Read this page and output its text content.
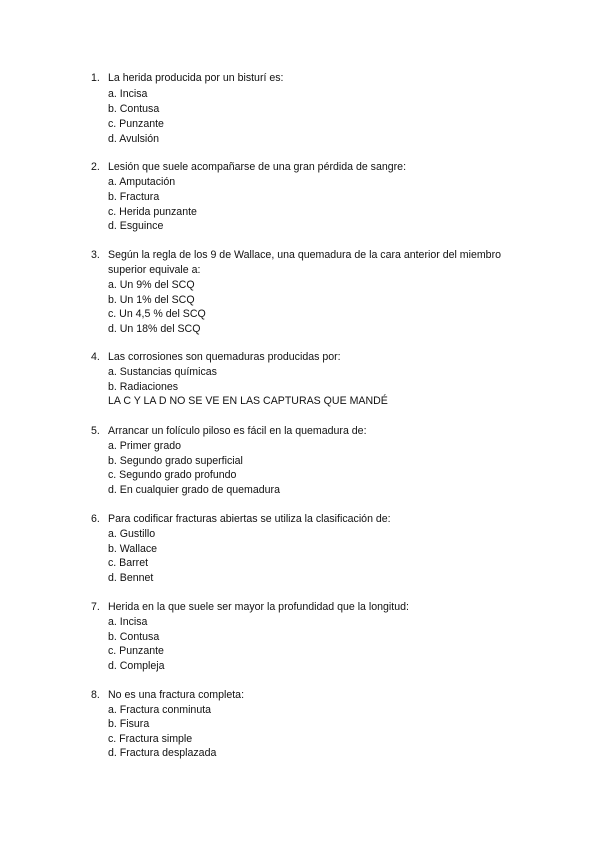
1. La herida producida por un bisturí es:
a. Incisa
b. Contusa
c. Punzante
d. Avulsión
2. Lesión que suele acompañarse de una gran pérdida de sangre:
a. Amputación
b. Fractura
c. Herida punzante
d. Esguince
3. Según la regla de los 9 de Wallace, una quemadura de la cara anterior del miembro
superior equivale a:
a. Un 9% del SCQ
b. Un 1% del SCQ
c. Un 4,5 % del SCQ
d. Un 18% del SCQ
4. Las corrosiones son quemaduras producidas por:
a. Sustancias químicas
b. Radiaciones
LA C Y LA D NO SE VE EN LAS CAPTURAS QUE MANDÉ
5. Arrancar un folículo piloso es fácil en la quemadura de:
a. Primer grado
b. Segundo grado superficial
c. Segundo grado profundo
d. En cualquier grado de quemadura
6. Para codificar fracturas abiertas se utiliza la clasificación de:
a. Gustillo
b. Wallace
c. Barret
d. Bennet
7. Herida en la que suele ser mayor la profundidad que la longitud:
a. Incisa
b. Contusa
c. Punzante
d. Compleja
8. No es una fractura completa:
a. Fractura conminuta
b. Fisura
c. Fractura simple
d. Fractura desplazada
